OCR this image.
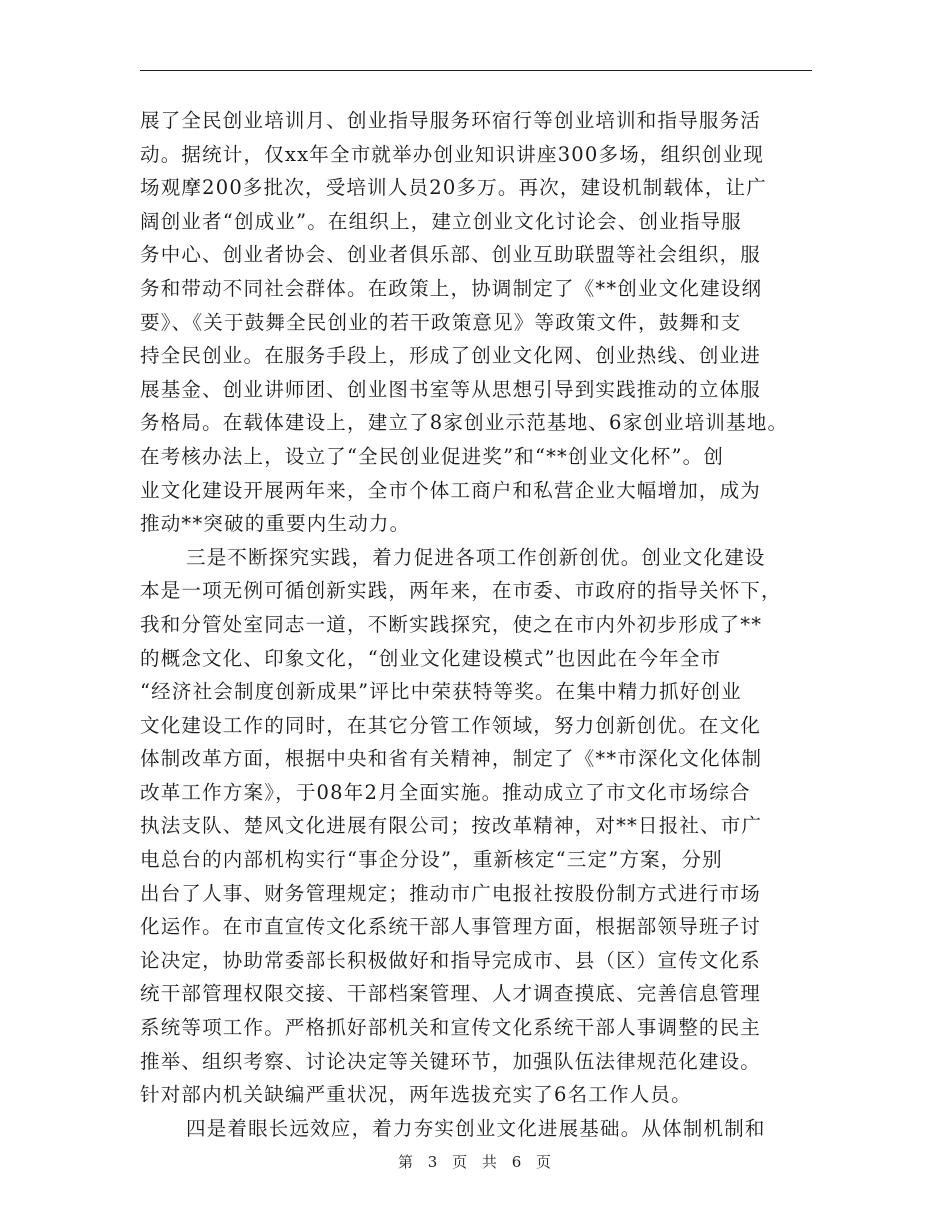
展了全民创业培训月、创业指导服务环宿行等创业培训和指导服务活
动。据统计，仅xx年全市就举办创业知识讲座300多场，组织创业现
场观摩200多批次，受培训人员20多万。再次，建设机制载体，让广
阔创业者“创成业”。在组织上，建立创业文化讨论会、创业指导服
务中心、创业者协会、创业者俱乐部、创业互助联盟等社会组织，服
务和带动不同社会群体。在政策上，协调制定了《**创业文化建设纲
要》、《关于鼓舞全民创业的若干政策意见》等政策文件，鼓舞和支
持全民创业。在服务手段上，形成了创业文化网、创业热线、创业进
展基金、创业讲师团、创业图书室等从思想引导到实践推动的立体服
务格局。在载体建设上，建立了8家创业示范基地、6家创业培训基地。
在考核办法上，设立了“全民创业促进奖”和“**创业文化杯”。创
业文化建设开展两年来，全市个体工商户和私营企业大幅增加，成为
推动**突破的重要内生动力。
三是不断探究实践，着力促进各项工作创新创优。创业文化建设
本是一项无例可循创新实践，两年来，在市委、市政府的指导关怀下，
我和分管处室同志一道，不断实践探究，使之在市内外初步形成了**
的概念文化、印象文化，“创业文化建设模式”也因此在今年全市
“经济社会制度创新成果”评比中荣获特等奖。在集中精力抓好创业
文化建设工作的同时，在其它分管工作领域，努力创新创优。在文化
体制改革方面，根据中央和省有关精神，制定了《**市深化文化体制
改革工作方案》，于08年2月全面实施。推动成立了市文化市场综合
执法支队、楚风文化进展有限公司；按改革精神，对**日报社、市广
电总台的内部机构实行“事企分设”，重新核定“三定”方案，分别
出台了人事、财务管理规定；推动市广电报社按股份制方式进行市场
化运作。在市直宣传文化系统干部人事管理方面，根据部领导班子讨
论决定，协助常委部长积极做好和指导完成市、县（区）宣传文化系
统干部管理权限交接、干部档案管理、人才调查摸底、完善信息管理
系统等项工作。严格抓好部机关和宣传文化系统干部人事调整的民主
推举、组织考察、讨论决定等关键环节，加强队伍法律规范化建设。
针对部内机关缺编严重状况，两年选拔充实了6名工作人员。
四是着眼长远效应，着力夯实创业文化进展基础。从体制机制和
第 3 页 共 6 页
